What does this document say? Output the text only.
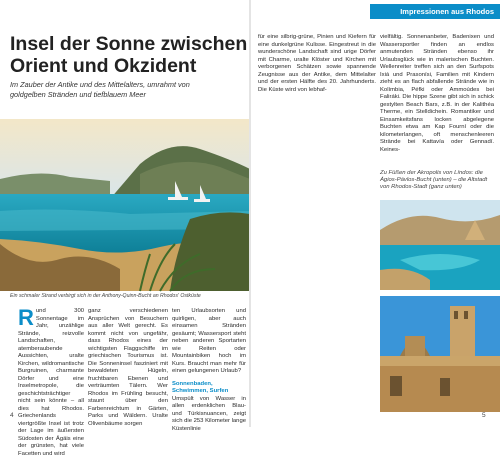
Insel der Sonne zwischen
Orient und Okzident
Im Zauber der Antike und des Mittelalters, umrahmt von goldgelben Stränden und tiefblauem Meer
Ein schmaler Strand verbirgt sich in der Anthony-Quinn-Bucht an Rhodos' Ostküste
Rund 300 Sonnentage im Jahr, unzählige Strände, reizvolle Landschaften, atemberaubende Aussichten, uralte Kirchen, wildromantische Burgruinen, charmante Dörfer und eine Inselmetropole, die geschichtsträchtiger nicht sein könnte – all dies hat Rhodos. Griechenlands viertgrößte Insel ist trotz der Lage im äußersten Südosten der Ägäis eine der grünsten, hat viele Facetten und wird
ganz verschiedenen Ansprüchen von Besuchern aus aller Welt gerecht. Es kommt nicht von ungefähr, dass Rhodos eines der wichtigsten Flaggschiffe im griechischen Tourismus ist. Die Sonneninsel fasziniert mit bewaldeten Hügeln, fruchtbaren Ebenen und verträumten Tälern. Wer Rhodos im Frühling besucht, staunt über den Farbenreichtum in Gärten, Parks und Wäldern. Uralte Olivenbäume sorgen

ten Urlaubsorten und quirligen, aber auch einsamen Stränden gesäumt; Wassersport steht neben anderen Sportarten wie Reiten oder Mountainbiken hoch im Kurs. Braucht man mehr für einen gelungenen Urlaub?

Sonnenbaden, Schwimmen, Surfen

Umspült von Wasser in allen erdenklichen Blau- und Türkisnuancen, zeigt sich die 253 Kilometer lange Küstenlinie

4
für eine silbrig-grüne, Pinien und Kiefern für eine dunkelgrüne Kulisse. Eingestreut in die wunderschöne Landschaft sind urige Dörfer mit Charme, uralte Klöster und Kirchen mit verborgenen Schätzen sowie spannende Zeugnisse aus der Antike, dem Mittelalter und der ersten Hälfte des 20. Jahrhunderts. Die Küste wird von lebhaf-
Impressionen aus Rhodos
vielfältig. Sonnenanbeter, Badenixen und Wassersportler finden an endlos anmutenden Stränden ebenso ihr Urlaubsglück wie in malerischen Buchten. Wellenreiter treffen sich an den Surfspots Ixiá und Prasonísi, Familien mit Kindern zieht es an flach abfallende Strände wie in Kolímbia, Péfki oder Ammoúdes bei Faliráki. Die hippe Szene gibt sich in schick gestylten Beach Bars, z.B. in der Kalithéa Therme, ein Stelldichein. Romantiker und Einsamkeitsfans locken abgelegene Buchten etwa am Kap Fourní oder die kilometerlangen, oft menschenleeren Strände bei Kattavía oder Gennadí. Keines-
Zu Füßen der Akropolis von Líndos: die Ágios-Pávlos-Bucht (unten) – die Altstadt von Rhodos-Stadt (ganz unten)
5
